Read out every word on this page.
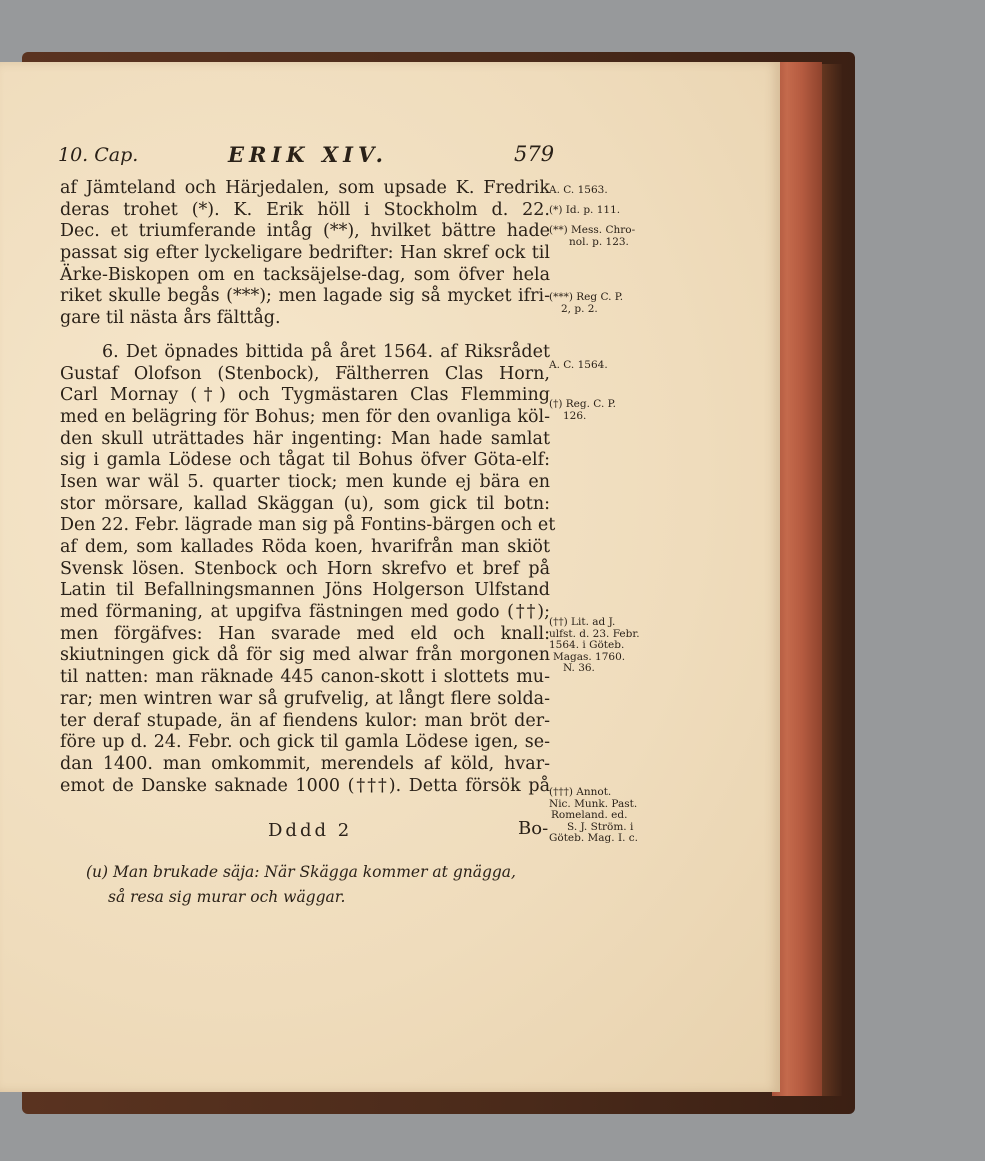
10. Cap.	ERIK XIV.	579
af Jämteland och Härjedalen, som upsade K. Fredrik
deras trohet (*). K. Erik höll i Stockholm d. 22.
Dec. et triumferande intåg (**), hvilket bättre hade
passat sig efter lyckeligare bedrifter: Han skref ock til
Ärke-Biskopen om en tacksäjelse-dag, som öfver hela
riket skulle begås (***); men lagade sig så mycket ifri-
gare til nästa års fälttåg.
6. Det öpnades bittida på året 1564. af Riksrådet
Gustaf Olofson (Stenbock), Fältherren Clas Horn,
Carl Mornay (†) och Tygmästaren Clas Flemming
med en belägring för Bohus; men för den ovanliga köl-
den skull uträttades här ingenting: Man hade samlat
sig i gamla Lödese och tågat til Bohus öfver Göta-elf:
Isen war wäl 5. quarter tiock; men kunde ej bära en
stor mörsare, kallad Skäggan (u), som gick til botn:
Den 22. Febr. lägrade man sig på Fontins-bärgen och et
af dem, som kallades Röda koen, hvarifrån man skiöt
Svensk lösen. Stenbock och Horn skrefvo et bref på
Latin til Befallningsmannen Jöns Holgerson Ulfstand
med förmaning, at upgifva fästningen med godo (††);
men förgäfves: Han svarade med eld och knall:
skiutningen gick då för sig med alwar från morgonen
til natten: man räknade 445 canon-skott i slottets mu-
rar; men wintren war så grufvelig, at långt flere solda-
ter deraf stupade, än af fiendens kulor: man bröt der-
före up d. 24. Febr. och gick til gamla Lödese igen, se-
dan 1400. man omkommit, merendels af köld, hvar-
emot de Danske saknade 1000 (†††). Detta försök på
Dddd 2	Bo-
(u) Man brukade säja: När Skägga kommer at gnägga,
så resa sig murar och wäggar.
A. C. 1563.
(*) Id. p. 111.
(**) Mess. Chro-
nol. p. 123.
(***) Reg C. P.
2, p. 2.
A. C. 1564.
(†) Reg. C. P.
126.
(††) Lit. ad J.
ulfst. d. 23. Febr.
1564. i Göteb.
Magas. 1760.
N. 36.
(†††) Annot.
Nic. Munk. Past.
Romeland. ed.
S. J. Ström. i
Göteb. Mag. I. c.
